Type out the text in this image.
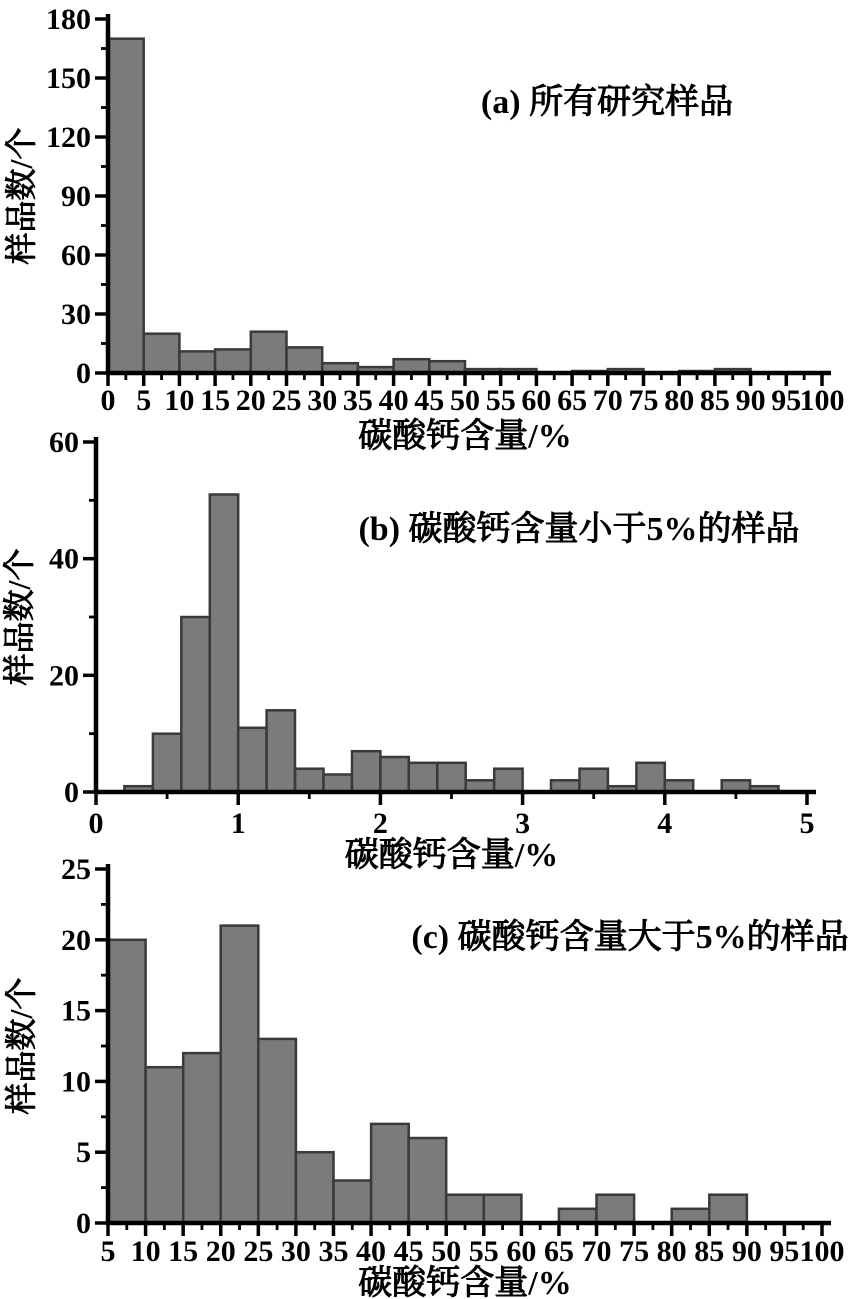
0 5 10 15 20 25 30 35 40 45 50 55 60 65 70 75 80 85 90 95
100
0
30
60
90
120
150
180
(a) 所有研究样品
碳酸钙含量/%
样品数/个
0	1	2	3	4	5
0
20
40
60
(b) 碳酸钙含量小于5%的样品
碳酸钙含量/%
样品数/个
5 10 15 20 25 30 35 40 45 50 55 60 65 70 75 80 85 90 95 100
0
5
10
15
20
25
(c) 碳酸钙含量大于5%的样品
碳酸钙含量/%
样品数/个
